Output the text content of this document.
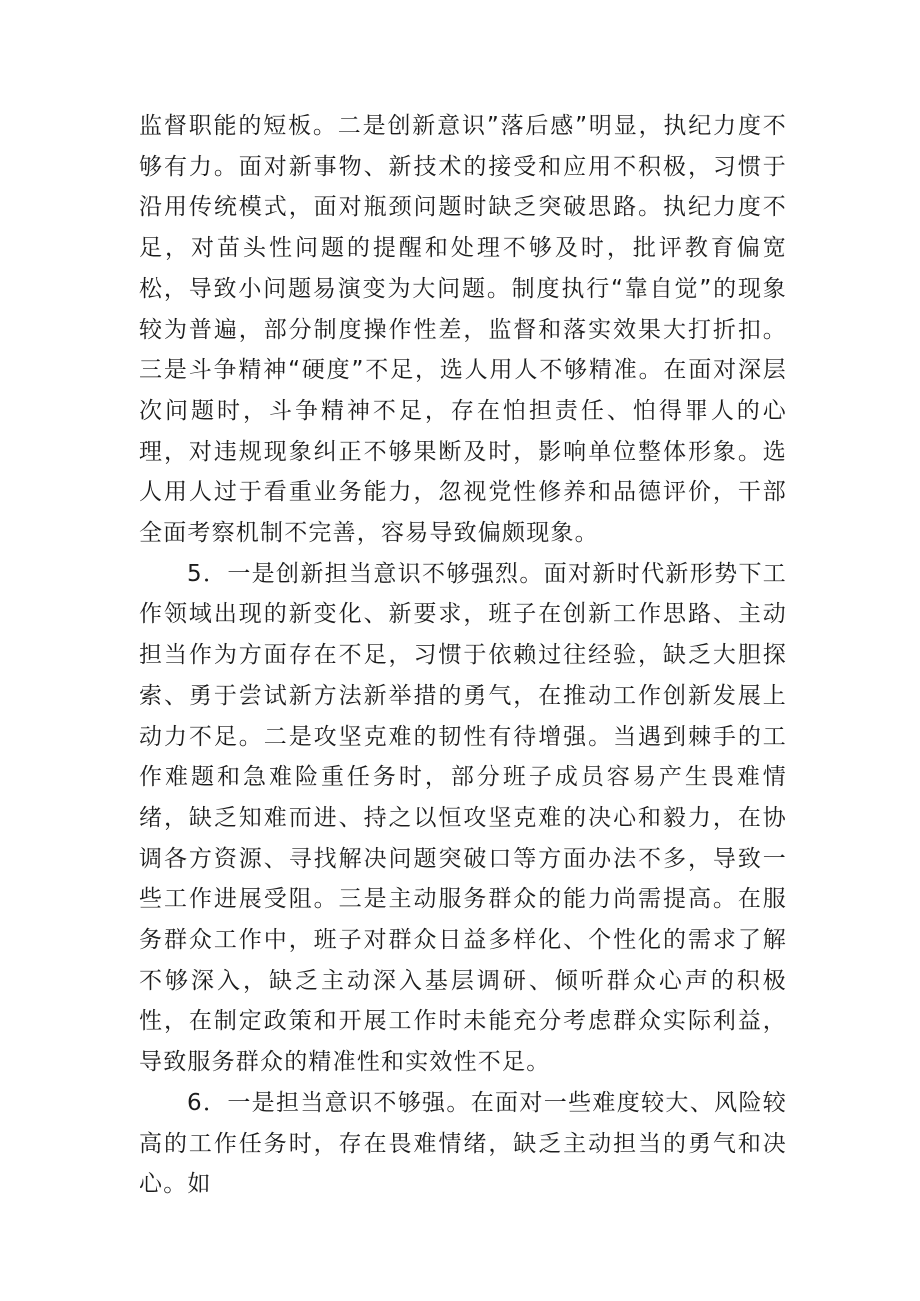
监督职能的短板。二是创新意识”落后感”明显，执纪力度不够有力。面对新事物、新技术的接受和应用不积极，习惯于沿用传统模式，面对瓶颈问题时缺乏突破思路。执纪力度不足，对苗头性问题的提醒和处理不够及时，批评教育偏宽松，导致小问题易演变为大问题。制度执行“靠自觉”的现象较为普遍，部分制度操作性差，监督和落实效果大打折扣。三是斗争精神“硬度”不足，选人用人不够精准。在面对深层次问题时，斗争精神不足，存在怕担责任、怕得罪人的心理，对违规现象纠正不够果断及时，影响单位整体形象。选人用人过于看重业务能力，忽视党性修养和品德评价，干部全面考察机制不完善，容易导致偏颇现象。

5．一是创新担当意识不够强烈。面对新时代新形势下工作领域出现的新变化、新要求，班子在创新工作思路、主动担当作为方面存在不足，习惯于依赖过往经验，缺乏大胆探索、勇于尝试新方法新举措的勇气，在推动工作创新发展上动力不足。二是攻坚克难的韧性有待增强。当遇到棘手的工作难题和急难险重任务时，部分班子成员容易产生畏难情绪，缺乏知难而进、持之以恒攻坚克难的决心和毅力，在协调各方资源、寻找解决问题突破口等方面办法不多，导致一些工作进展受阻。三是主动服务群众的能力尚需提高。在服务群众工作中，班子对群众日益多样化、个性化的需求了解不够深入，缺乏主动深入基层调研、倾听群众心声的积极性，在制定政策和开展工作时未能充分考虑群众实际利益，导致服务群众的精准性和实效性不足。

6．一是担当意识不够强。在面对一些难度较大、风险较高的工作任务时，存在畏难情绪，缺乏主动担当的勇气和决心。如
